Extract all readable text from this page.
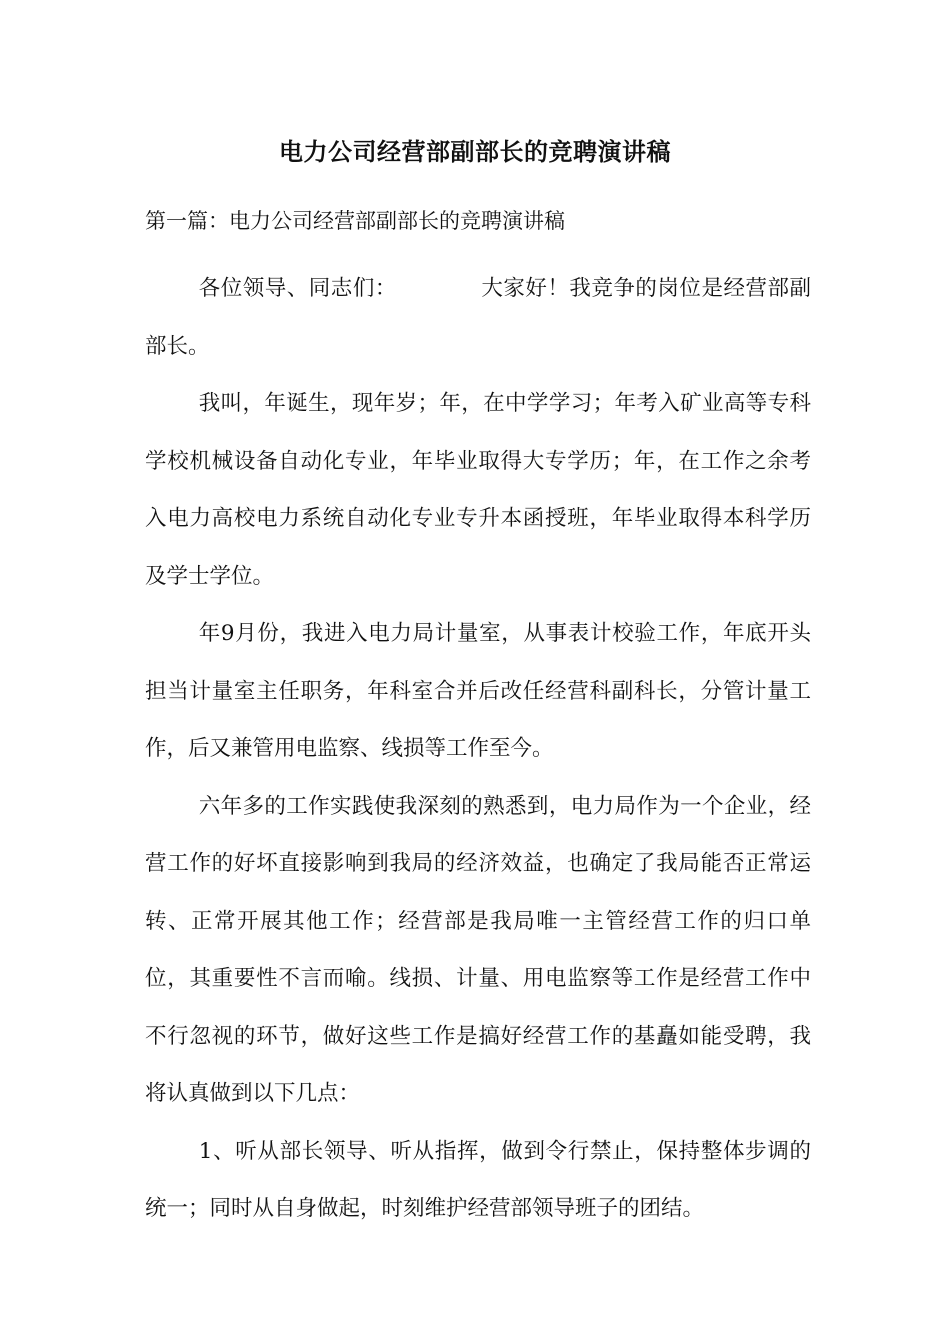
电力公司经营部副部长的竞聘演讲稿
第一篇：电力公司经营部副部长的竞聘演讲稿

各位领导、同志们：	大家好！我竞争的岗位是经营部副部长。

我叫，年诞生，现年岁；年，在中学学习；年考入矿业高等专科学校机械设备自动化专业，年毕业取得大专学历；年，在工作之余考入电力高校电力系统自动化专业专升本函授班，年毕业取得本科学历及学士学位。

年9月份，我进入电力局计量室，从事表计校验工作，年底开头担当计量室主任职务，年科室合并后改任经营科副科长，分管计量工作，后又兼管用电监察、线损等工作至今。

六年多的工作实践使我深刻的熟悉到，电力局作为一个企业，经营工作的好坏直接影响到我局的经济效益，也确定了我局能否正常运转、正常开展其他工作；经营部是我局唯一主管经营工作的归口单位，其重要性不言而喻。线损、计量、用电监察等工作是经营工作中不行忽视的环节，做好这些工作是搞好经营工作的基矗如能受聘，我将认真做到以下几点：

1、听从部长领导、听从指挥，做到令行禁止，保持整体步调的统一；同时从自身做起，时刻维护经营部领导班子的团结。
